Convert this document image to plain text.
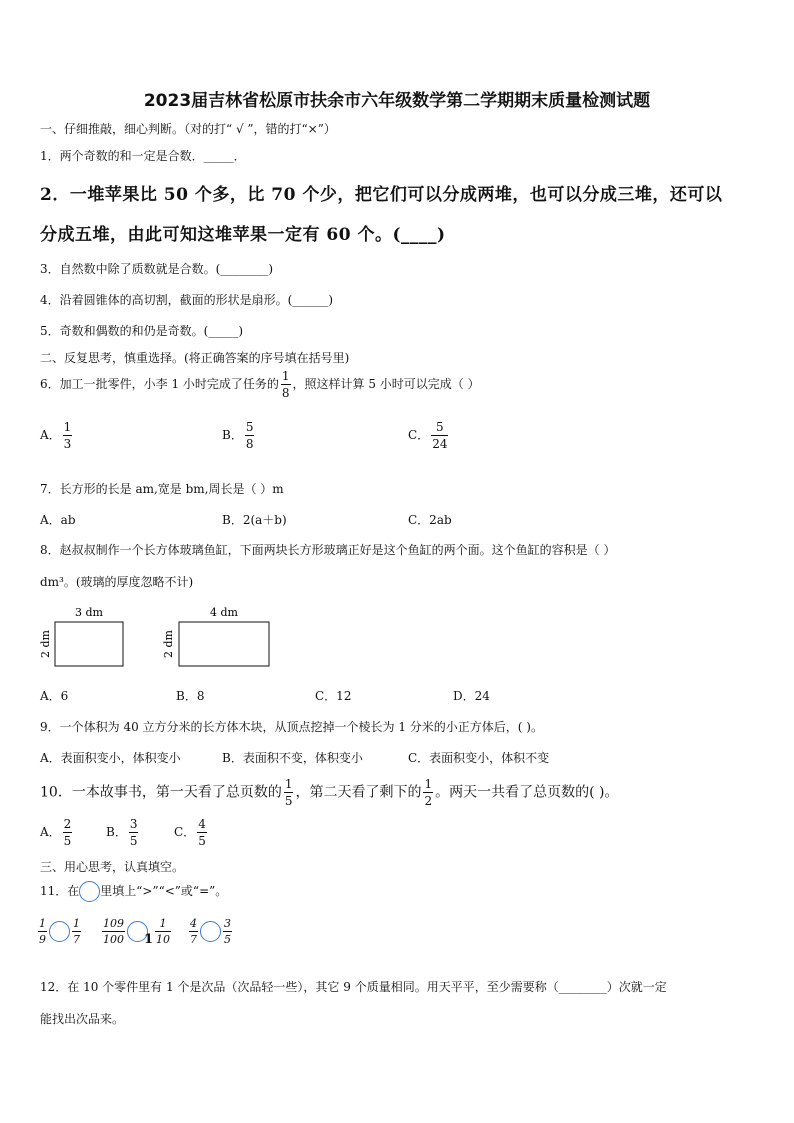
2023届吉林省松原市扶余市六年级数学第二学期期末质量检测试题
一、仔细推敲，细心判断。（对的打“ √ ”，错的打“×”）
1．两个奇数的和一定是合数．_____．
2．一堆苹果比 50 个多，比 70 个少，把它们可以分成两堆，也可以分成三堆，还可以
分成五堆，由此可知这堆苹果一定有 60 个。(____)
3．自然数中除了质数就是合数。(________)
4．沿着圆锥体的高切割，截面的形状是扇形。(______)
5．奇数和偶数的和仍是奇数。(_____)
二、反复思考，慎重选择。(将正确答案的序号填在括号里)
6．加工一批零件，小李 1 小时完成了任务的 $\frac{1}{8}$ ，照这样计算 5 小时可以完成（ ）
A． $\frac{1}{3}$	B． $\frac{5}{8}$	C． $\frac{5}{24}$
7．长方形的长是 am,宽是 bm,周长是（ ）m
A．ab	B．2(a＋b)	C．2ab
8．赵叔叔制作一个长方体玻璃鱼缸，下面两块长方形玻璃正好是这个鱼缸的两个面。这个鱼缸的容积是（ ）
dm³。(玻璃的厚度忽略不计)
3 dm
2 dm
4 dm
2 dm
A．6	B．8	C．12	D．24
9．一个体积为 40 立方分米的长方体木块，从顶点挖掉一个棱长为 1 分米的小正方体后，( )。
A．表面积变小，体积变小	B．表面积不变，体积变小	C．表面积变小，体积不变
10．一本故事书，第一天看了总页数的 $\frac{1}{5}$ ，第二天看了剩下的 $\frac{1}{2}$ 。两天一共看了总页数的( )。
A． $\frac{2}{5}$	B． $\frac{3}{5}$	C． $\frac{4}{5}$
三、用心思考，认真填空。
11．在 里填上“>”“<”或“=”。
$\frac{1}{9} \frac{1}{7} \frac{109}{100} 1 \frac{1}{10} \frac{4}{7} \frac{3}{5}$
12．在 10 个零件里有 1 个是次品（次品轻一些），其它 9 个质量相同。用天平平，至少需要称（________）次就一定
能找出次品来。
